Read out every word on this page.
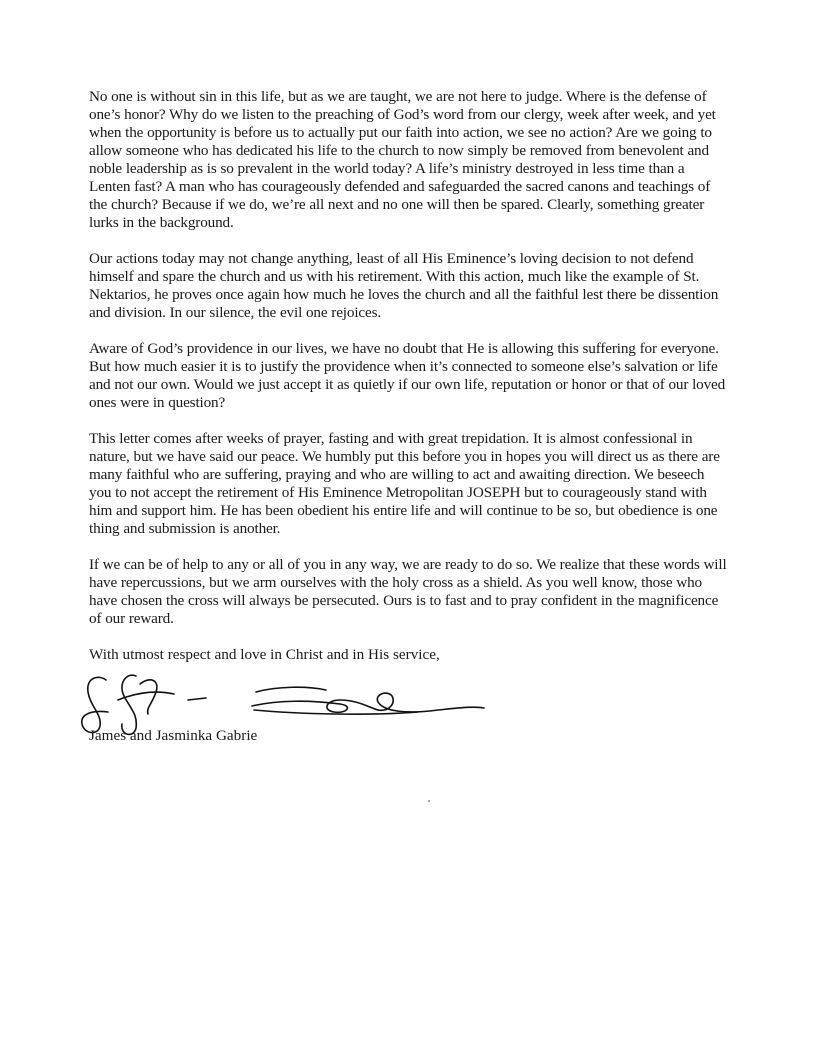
No one is without sin in this life, but as we are taught, we are not here to judge. Where is the defense of one’s honor? Why do we listen to the preaching of God’s word from our clergy, week after week, and yet when the opportunity is before us to actually put our faith into action, we see no action? Are we going to allow someone who has dedicated his life to the church to now simply be removed from benevolent and noble leadership as is so prevalent in the world today? A life’s ministry destroyed in less time than a Lenten fast? A man who has courageously defended and safeguarded the sacred canons and teachings of the church? Because if we do, we’re all next and no one will then be spared. Clearly, something greater lurks in the background.

Our actions today may not change anything, least of all His Eminence’s loving decision to not defend himself and spare the church and us with his retirement. With this action, much like the example of St. Nektarios, he proves once again how much he loves the church and all the faithful lest there be dissention and division. In our silence, the evil one rejoices.

Aware of God’s providence in our lives, we have no doubt that He is allowing this suffering for everyone. But how much easier it is to justify the providence when it’s connected to someone else’s salvation or life and not our own. Would we just accept it as quietly if our own life, reputation or honor or that of our loved ones were in question?

This letter comes after weeks of prayer, fasting and with great trepidation. It is almost confessional in nature, but we have said our peace. We humbly put this before you in hopes you will direct us as there are many faithful who are suffering, praying and who are willing to act and awaiting direction. We beseech you to not accept the retirement of His Eminence Metropolitan JOSEPH but to courageously stand with him and support him. He has been obedient his entire life and will continue to be so, but obedience is one thing and submission is another.

If we can be of help to any or all of you in any way, we are ready to do so. We realize that these words will have repercussions, but we arm ourselves with the holy cross as a shield. As you well know, those who have chosen the cross will always be persecuted. Ours is to fast and to pray confident in the magnificence of our reward.

With utmost respect and love in Christ and in His service,

James and Jasminka Gabrie
